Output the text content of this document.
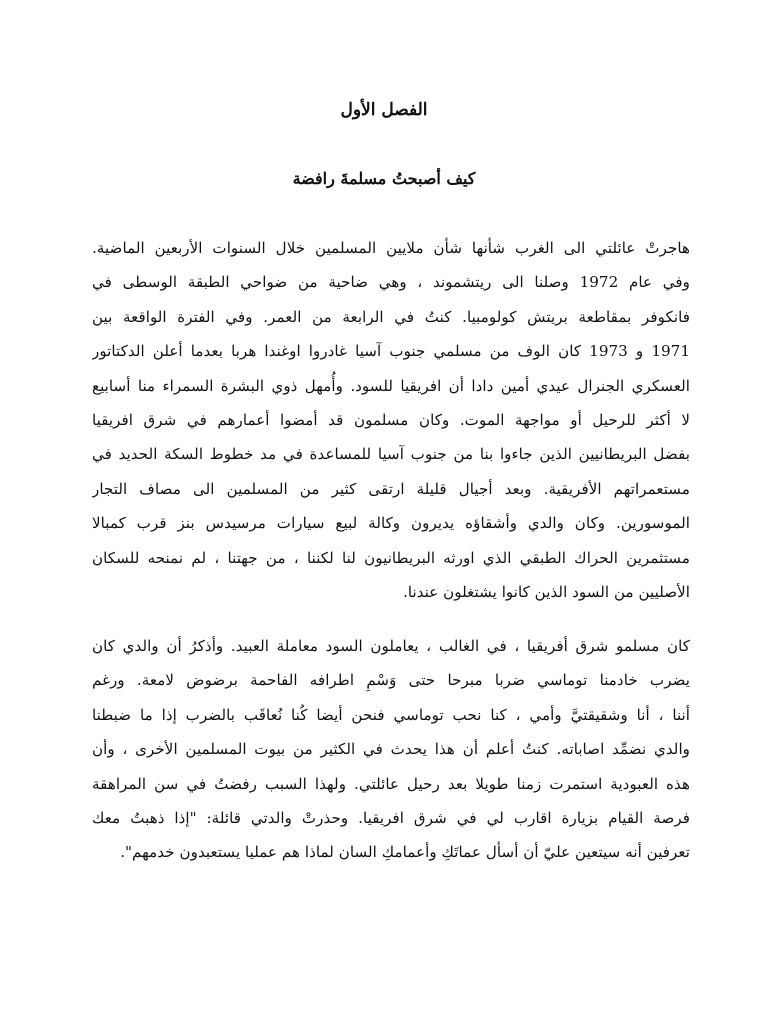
الفصل الأول
كيف أصبحتُ مسلمةَ رافضة
هاجرتْ عائلتي الى الغرب شأنها شأن ملايين المسلمين خلال السنوات الأربعين الماضية.
وفي عام 1972 وصلنا الى ريتشموند ، وهي ضاحية من ضواحي الطبقة الوسطى في
فانكوفر بمقاطعة بريتش كولومبيا. كنتُ في الرابعة من العمر. وفي الفترة الواقعة بين
1971 و 1973 كان الوف من مسلمي جنوب آسيا غادروا اوغندا هربا بعدما أعلن الدكتاتور
العسكري الجنرال عيدي أمين دادا أن افريقيا للسود. وأُمهل ذوي البشرة السمراء منا أسابيع
لا أكثر للرحيل أو مواجهة الموت. وكان مسلمون قد أمضوا أعمارهم في شرق افريقيا
بفضل البريطانيين الذين جاءوا بنا من جنوب آسيا للمساعدة في مد خطوط السكة الحديد في
مستعمراتهم الأفريقية. وبعد أجيال قليلة ارتقى كثير من المسلمين الى مصاف التجار
الموسورين. وكان والدي وأشقاؤه يديرون وكالة لبيع سيارات مرسيدس بنز قرب كمبالا
مستثمرين الحراك الطبقي الذي اورثه البريطانيون لنا لكننا ، من جهتنا ، لم نمنحه للسكان
الأصليين من السود الذين كانوا يشتغلون عندنا.
كان مسلمو شرق أفريقيا ، في الغالب ، يعاملون السود معاملة العبيد. وأذكرُ أن والدي كان
يضرب خادمنا توماسي ضربا مبرحا حتى وَسْمِ اطرافه الفاحمة برضوض لامعة. ورغم
أننا ، أنا وشقيقتيَّ وأمي ، كنا نحب توماسي فنحن أيضا كُنا نُعاقَب بالضرب إذا ما ضبطنا
والدي نضمِّد اصاباته. كنتُ أعلم أن هذا يحدث في الكثير من بيوت المسلمين الأخرى ، وأن
هذه العبودية استمرت زمنا طويلا بعد رحيل عائلتي. ولهذا السبب رفضتُ في سن المراهقة
فرصة القيام بزيارة اقارب لي في شرق افريقيا. وحذرتْ والدتي قائلة: "إذا ذهبتُ معك
تعرفين أنه سيتعين عليّ أن أسأل عماتَكِ وأعمامكِ السان لماذا هم عمليا يستعبدون خدمهم".
